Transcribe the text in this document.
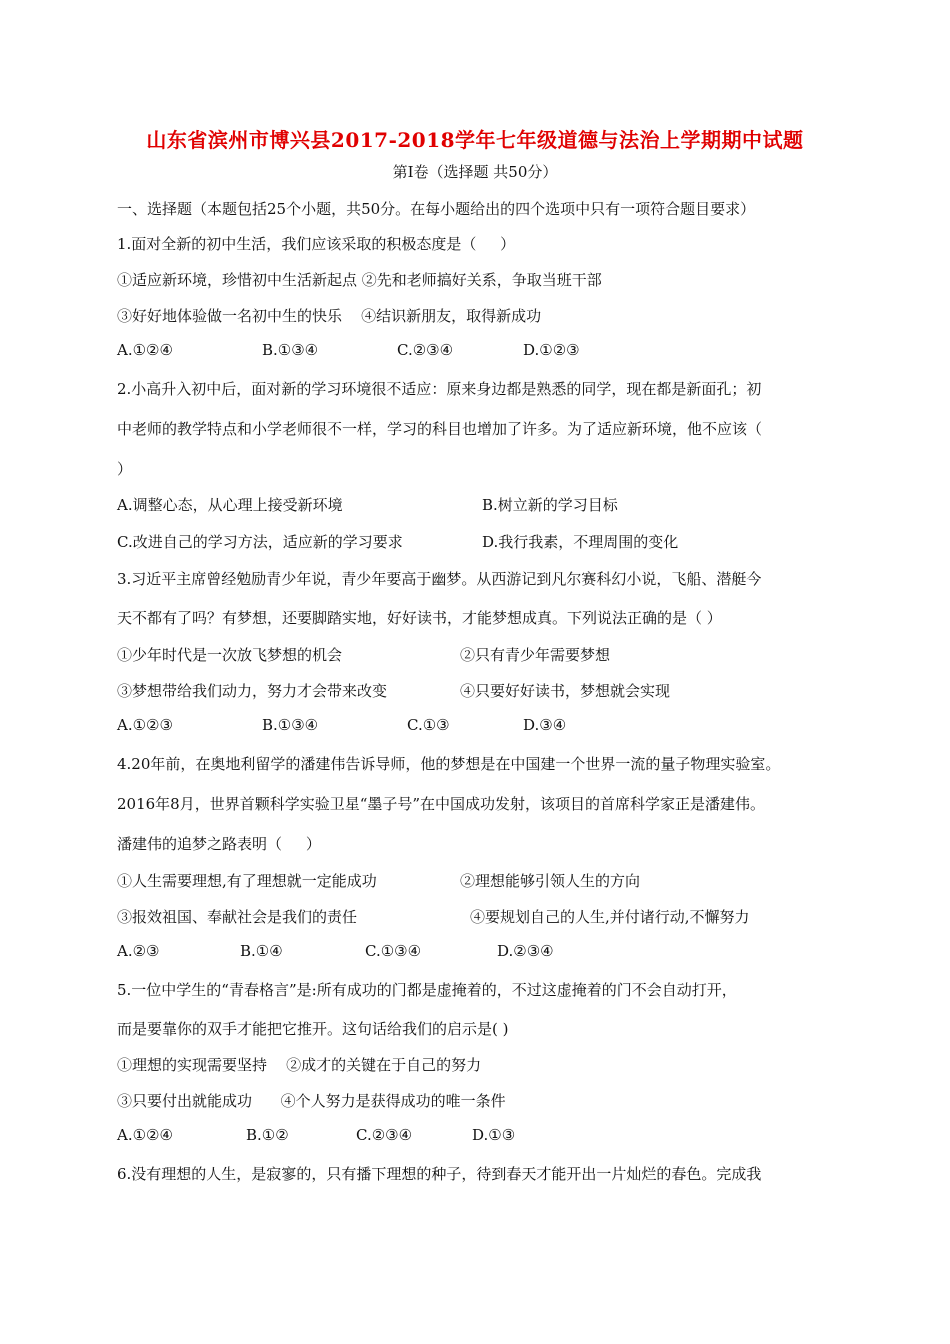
山东省滨州市博兴县2017-2018学年七年级道德与法治上学期期中试题
第Ⅰ卷（选择题 共50分）
一、选择题（本题包括25个小题，共50分。在每小题给出的四个选项中只有一项符合题目要求）
1.面对全新的初中生活，我们应该采取的积极态度是（     ）
①适应新环境，珍惜初中生活新起点 ②先和老师搞好关系，争取当班干部
③好好地体验做一名初中生的快乐    ④结识新朋友，取得新成功
A.①②④	B.①③④	C.②③④	D.①②③
2.小高升入初中后，面对新的学习环境很不适应：原来身边都是熟悉的同学，现在都是新面孔；初
中老师的教学特点和小学老师很不一样，学习的科目也增加了许多。为了适应新环境，他不应该（
）
A.调整心态，从心理上接受新环境	B.树立新的学习目标
C.改进自己的学习方法，适应新的学习要求	D.我行我素，不理周围的变化
3.习近平主席曾经勉励青少年说，青少年要高于幽梦。从西游记到凡尔赛科幻小说，飞船、潜艇今
天不都有了吗？有梦想，还要脚踏实地，好好读书，才能梦想成真。下列说法正确的是（ ）
①少年时代是一次放飞梦想的机会	②只有青少年需要梦想
③梦想带给我们动力，努力才会带来改变	④只要好好读书，梦想就会实现
A.①②③	B.①③④	C.①③	D.③④
4.20年前，在奥地利留学的潘建伟告诉导师，他的梦想是在中国建一个世界一流的量子物理实验室。
2016年8月，世界首颗科学实验卫星“墨子号”在中国成功发射，该项目的首席科学家正是潘建伟。
潘建伟的追梦之路表明（     ）
①人生需要理想,有了理想就一定能成功	②理想能够引领人生的方向
③报效祖国、奉献社会是我们的责任	④要规划自己的人生,并付诸行动,不懈努力
A.②③	B.①④	C.①③④	D.②③④
5.一位中学生的“青春格言”是:所有成功的门都是虚掩着的，不过这虚掩着的门不会自动打开，
而是要靠你的双手才能把它推开。这句话给我们的启示是( )
①理想的实现需要坚持    ②成才的关键在于自己的努力
③只要付出就能成功      ④个人努力是获得成功的唯一条件
A.①②④	B.①②	C.②③④	D.①③
6.没有理想的人生，是寂寥的，只有播下理想的种子，待到春天才能开出一片灿烂的春色。完成我
